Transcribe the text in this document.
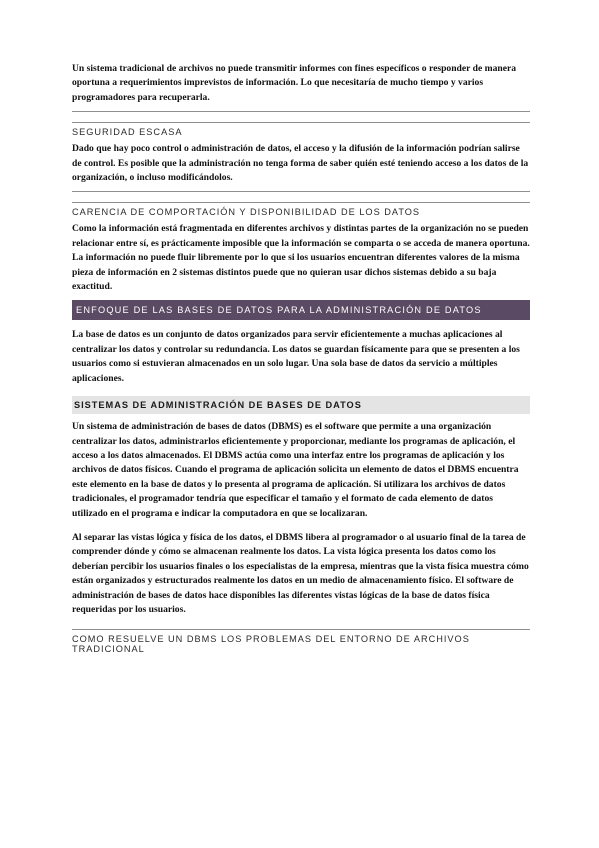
Un sistema tradicional de archivos no puede transmitir informes con fines específicos o responder de manera oportuna a requerimientos imprevistos de información. Lo que necesitaría de mucho tiempo y varios programadores para recuperarla.

SEGURIDAD ESCASA

Dado que hay poco control o administración de datos, el acceso y la difusión de la información podrían salirse de control. Es posible que la administración no tenga forma de saber quién esté teniendo acceso a los datos de la organización, o incluso modificándolos.

CARENCIA DE COMPORTACIÓN Y DISPONIBILIDAD DE LOS DATOS

Como la información está fragmentada en diferentes archivos y distintas partes de la organización no se pueden relacionar entre sí, es prácticamente imposible que la información se comparta o se acceda de manera oportuna. La información no puede fluir libremente por lo que si los usuarios encuentran diferentes valores de la misma pieza de información en 2 sistemas distintos puede que no quieran usar dichos sistemas debido a su baja exactitud.

ENFOQUE DE LAS BASES DE DATOS PARA LA ADMINISTRACIÓN DE DATOS

La base de datos es un conjunto de datos organizados para servir eficientemente a muchas aplicaciones al centralizar los datos y controlar su redundancia. Los datos se guardan físicamente para que se presenten a los usuarios como si estuvieran almacenados en un solo lugar. Una sola base de datos da servicio a múltiples aplicaciones.

SISTEMAS DE ADMINISTRACIÓN DE BASES DE DATOS

Un sistema de administración de bases de datos (DBMS) es el software que permite a una organización centralizar los datos, administrarlos eficientemente y proporcionar, mediante los programas de aplicación, el acceso a los datos almacenados. El DBMS actúa como una interfaz entre los programas de aplicación y los archivos de datos físicos. Cuando el programa de aplicación solicita un elemento de datos el DBMS encuentra este elemento en la base de datos y lo presenta al programa de aplicación. Si utilizara los archivos de datos tradicionales, el programador tendría que especificar el tamaño y el formato de cada elemento de datos utilizado en el programa e indicar la computadora en que se localizaran.

Al separar las vistas lógica y física de los datos, el DBMS libera al programador o al usuario final de la tarea de comprender dónde y cómo se almacenan realmente los datos. La vista lógica presenta los datos como los deberían percibir los usuarios finales o los especialistas de la empresa, mientras que la vista física muestra cómo están organizados y estructurados realmente los datos en un medio de almacenamiento físico. El software de administración de bases de datos hace disponibles las diferentes vistas lógicas de la base de datos física requeridas por los usuarios.

COMO RESUELVE UN DBMS LOS PROBLEMAS DEL ENTORNO DE ARCHIVOS TRADICIONAL
